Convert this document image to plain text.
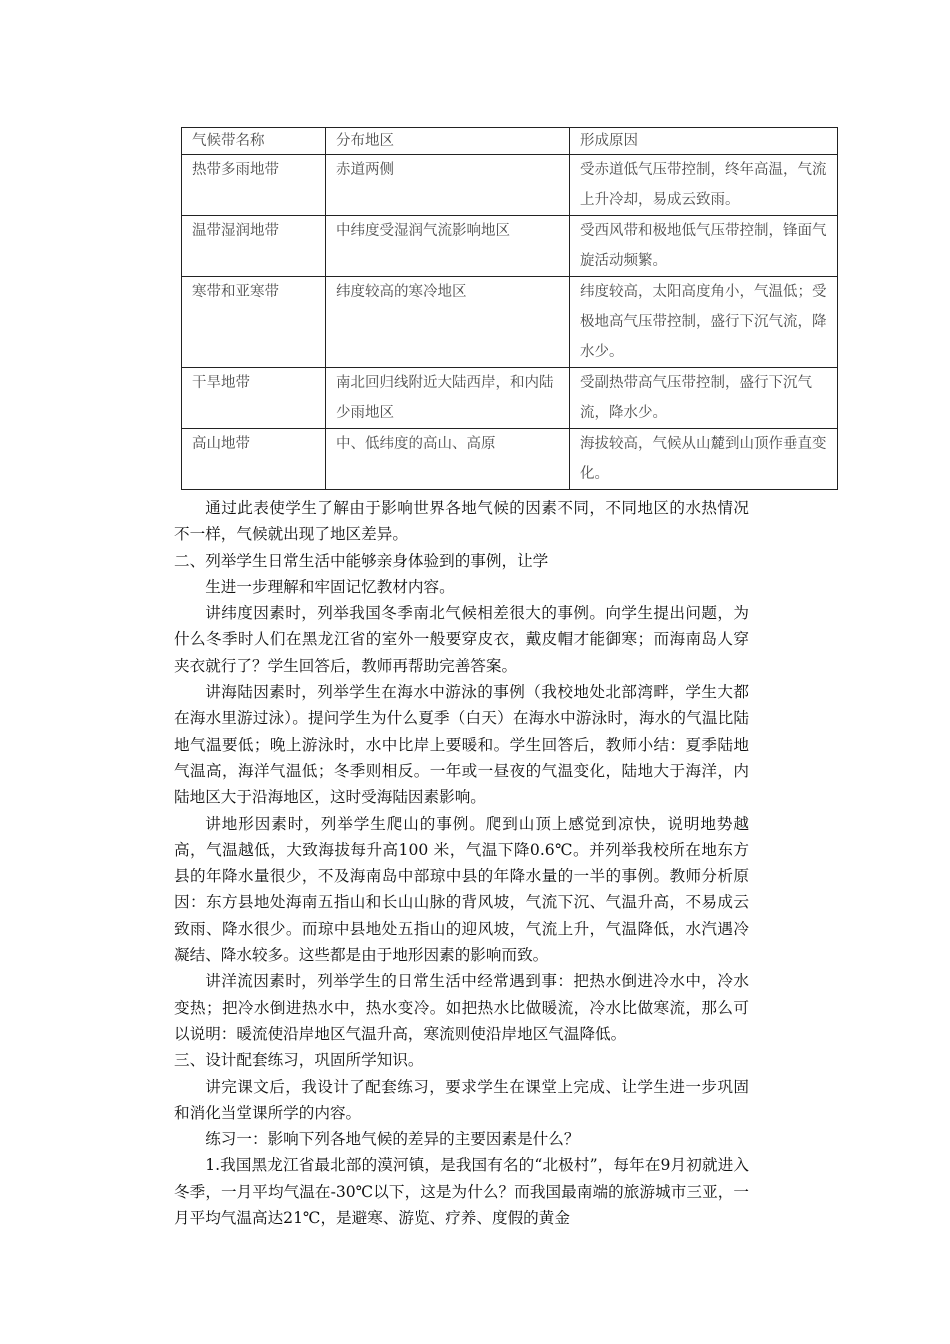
气候带名称	分布地区	形成原因
热带多雨地带	赤道两侧	受赤道低气压带控制，终年高温，气流上升冷却，易成云致雨。
温带湿润地带	中纬度受湿润气流影响地区	受西风带和极地低气压带控制，锋面气旋活动频繁。
寒带和亚寒带	纬度较高的寒冷地区	纬度较高，太阳高度角小，气温低；受极地高气压带控制，盛行下沉气流，降水少。
干旱地带	南北回归线附近大陆西岸，和内陆少雨地区	受副热带高气压带控制，盛行下沉气流，降水少。
高山地带	中、低纬度的高山、高原	海拔较高，气候从山麓到山顶作垂直变化。

通过此表使学生了解由于影响世界各地气候的因素不同，不同地区的水热情况不一样，气候就出现了地区差异。

二、列举学生日常生活中能够亲身体验到的事例，让学

生进一步理解和牢固记忆教材内容。

讲纬度因素时，列举我国冬季南北气候相差很大的事例。向学生提出问题，为什么冬季时人们在黑龙江省的室外一般要穿皮衣，戴皮帽才能御寒；而海南岛人穿夹衣就行了？学生回答后，教师再帮助完善答案。

讲海陆因素时，列举学生在海水中游泳的事例（我校地处北部湾畔，学生大都在海水里游过泳）。提问学生为什么夏季（白天）在海水中游泳时，海水的气温比陆地气温要低；晚上游泳时，水中比岸上要暖和。学生回答后，教师小结：夏季陆地气温高，海洋气温低；冬季则相反。一年或一昼夜的气温变化，陆地大于海洋，内陆地区大于沿海地区，这时受海陆因素影响。

讲地形因素时，列举学生爬山的事例。爬到山顶上感觉到凉快，说明地势越高，气温越低，大致海拔每升高100 米，气温下降0.6℃。并列举我校所在地东方县的年降水量很少，不及海南岛中部琼中县的年降水量的一半的事例。教师分析原因：东方县地处海南五指山和长山山脉的背风坡，气流下沉、气温升高，不易成云致雨、降水很少。而琼中县地处五指山的迎风坡，气流上升，气温降低，水汽遇冷凝结、降水较多。这些都是由于地形因素的影响而致。

讲洋流因素时，列举学生的日常生活中经常遇到事：把热水倒进冷水中，冷水变热；把冷水倒进热水中，热水变冷。如把热水比做暖流，冷水比做寒流，那么可以说明：暖流使沿岸地区气温升高，寒流则使沿岸地区气温降低。

三、设计配套练习，巩固所学知识。

讲完课文后，我设计了配套练习，要求学生在课堂上完成、让学生进一步巩固和消化当堂课所学的内容。

练习一：影响下列各地气候的差异的主要因素是什么？

1.我国黑龙江省最北部的漠河镇，是我国有名的“北极村”，每年在9月初就进入冬季，一月平均气温在-30℃以下，这是为什么？而我国最南端的旅游城市三亚，一月平均气温高达21℃，是避寒、游览、疗养、度假的黄金
